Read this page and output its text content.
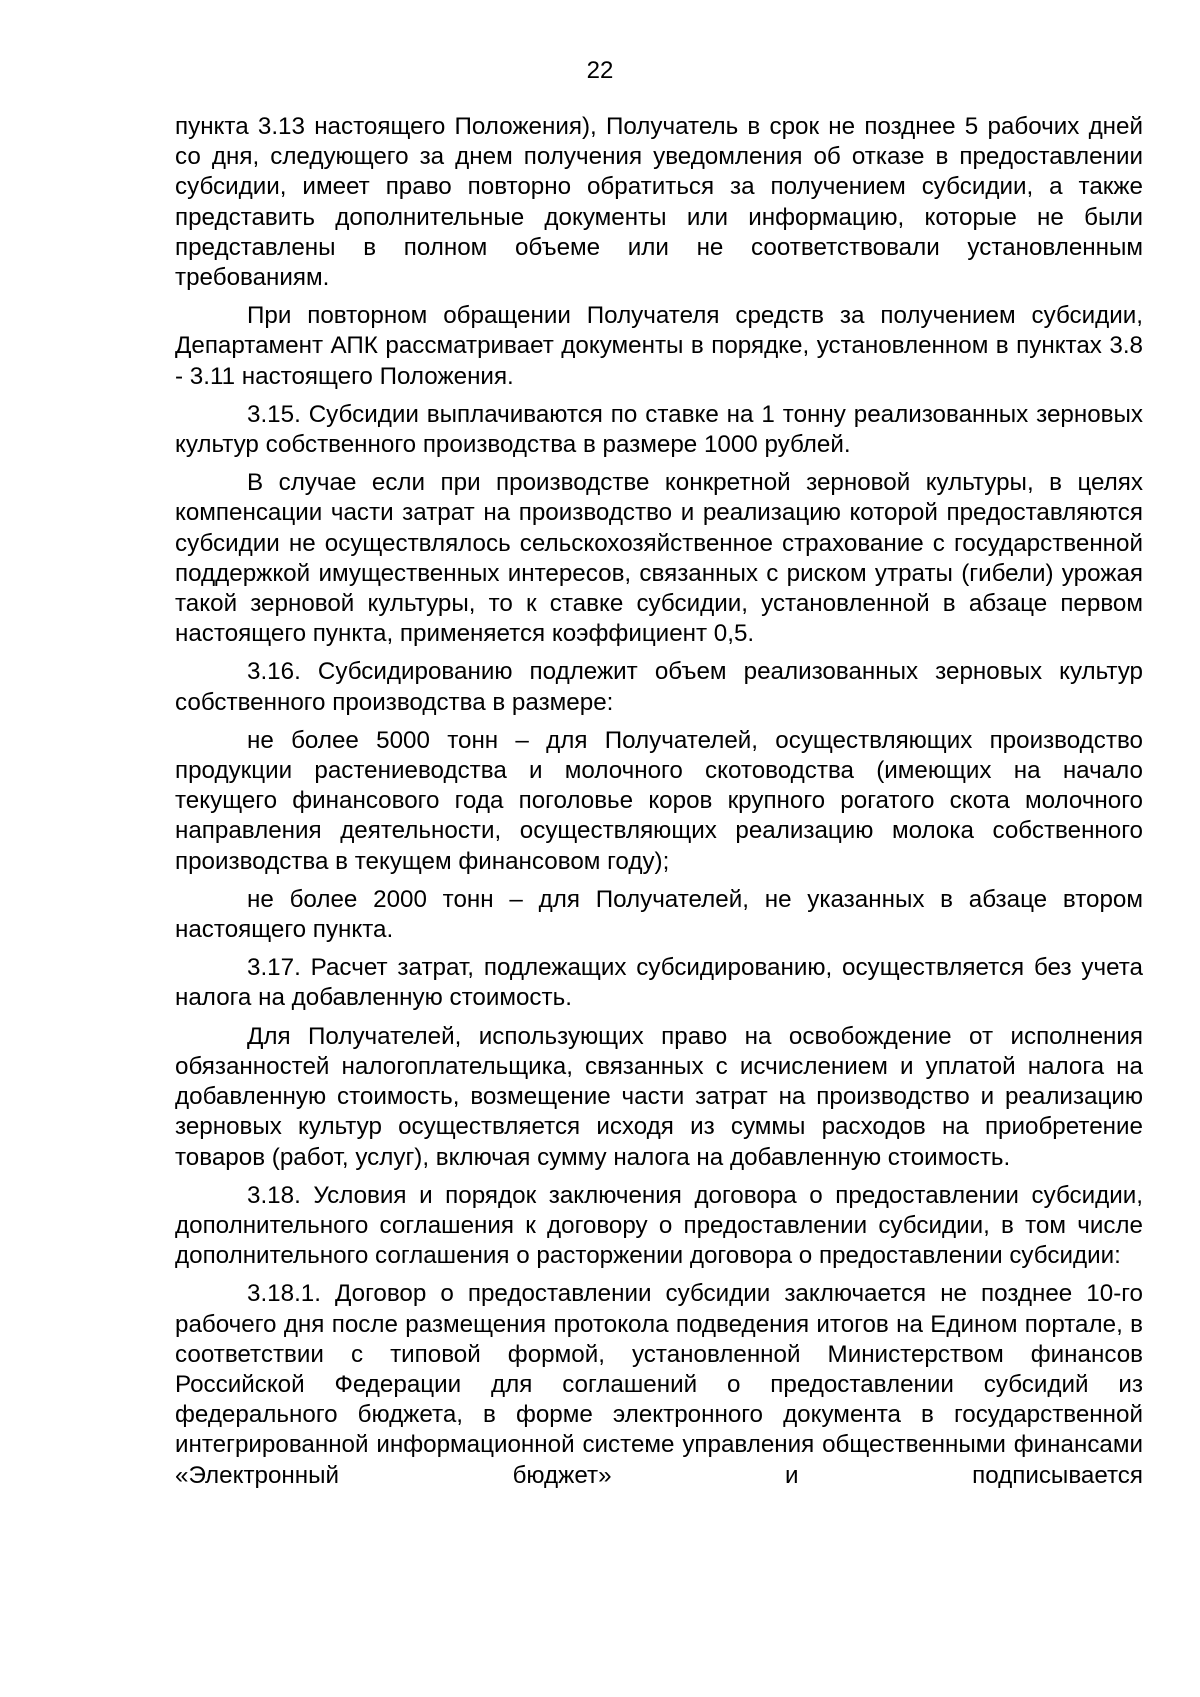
22

пункта 3.13 настоящего Положения), Получатель в срок не позднее 5 рабочих дней со дня, следующего за днем получения уведомления об отказе в предоставлении субсидии, имеет право повторно обратиться за получением субсидии, а также представить дополнительные документы или информацию, которые не были представлены в полном объеме или не соответствовали установленным требованиям.

При повторном обращении Получателя средств за получением субсидии, Департамент АПК рассматривает документы в порядке, установленном в пунктах 3.8 - 3.11 настоящего Положения.

3.15. Субсидии выплачиваются по ставке на 1 тонну реализованных зерновых культур собственного производства в размере 1000 рублей.

В случае если при производстве конкретной зерновой культуры, в целях компенсации части затрат на производство и реализацию которой предоставляются субсидии не осуществлялось сельскохозяйственное страхование с государственной поддержкой имущественных интересов, связанных с риском утраты (гибели) урожая такой зерновой культуры, то к ставке субсидии, установленной в абзаце первом настоящего пункта, применяется коэффициент 0,5.

3.16. Субсидированию подлежит объем реализованных зерновых культур собственного производства в размере:

не более 5000 тонн – для Получателей, осуществляющих производство продукции растениеводства и молочного скотоводства (имеющих на начало текущего финансового года поголовье коров крупного рогатого скота молочного направления деятельности, осуществляющих реализацию молока собственного производства в текущем финансовом году);

не более 2000 тонн – для Получателей, не указанных в абзаце втором настоящего пункта.

3.17. Расчет затрат, подлежащих субсидированию, осуществляется без учета налога на добавленную стоимость.

Для Получателей, использующих право на освобождение от исполнения обязанностей налогоплательщика, связанных с исчислением и уплатой налога на добавленную стоимость, возмещение части затрат на производство и реализацию зерновых культур осуществляется исходя из суммы расходов на приобретение товаров (работ, услуг), включая сумму налога на добавленную стоимость.

3.18. Условия и порядок заключения договора о предоставлении субсидии, дополнительного соглашения к договору о предоставлении субсидии, в том числе дополнительного соглашения о расторжении договора о предоставлении субсидии:

3.18.1. Договор о предоставлении субсидии заключается не позднее 10-го рабочего дня после размещения протокола подведения итогов на Едином портале, в соответствии с типовой формой, установленной Министерством финансов Российской Федерации для соглашений о предоставлении субсидий из федерального бюджета, в форме электронного документа в государственной интегрированной информационной системе управления общественными финансами «Электронный бюджет» и подписывается
